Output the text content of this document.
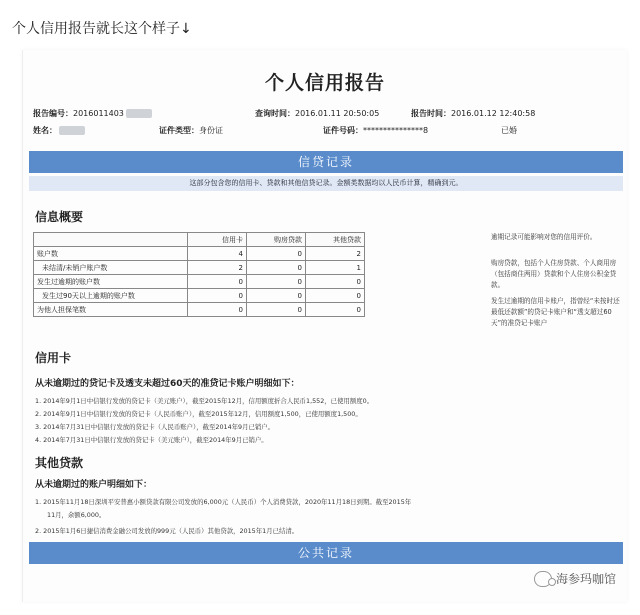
个人信用报告就长这个样子↓

个人信用报告
报告编号：2016011403	查询时间：2016.01.11 20:50:05	报告时间：2016.01.12 12:40:58
姓名：	证件类型：身份证	证件号码：***************8	已婚
信贷记录
这部分包含您的信用卡、贷款和其他信贷记录。金额类数据均以人民币计算，精确到元。
信息概要
	信用卡	购房贷款	其他贷款
账户数	4	0	2
未结清/未销户账户数	2	0	1
发生过逾期的账户数	0	0	0
发生过90天以上逾期的账户数	0	0	0
为他人担保笔数	0	0	0
逾期记录可能影响对您的信用评价。
购房贷款，包括个人住房贷款、个人商用房（包括商住两用）贷款和个人住房公积金贷款。
发生过逾期的信用卡账户，指曾经“未按时还最低还款额”的贷记卡账户和“透支超过60天”的准贷记卡账户
信用卡
从未逾期过的贷记卡及透支未超过60天的准贷记卡账户明细如下：
1. 2014年9月1日中信银行发放的贷记卡（美元账户），截至2015年12月，信用额度折合人民币1,552，已使用额度0。
2. 2014年9月1日中信银行发放的贷记卡（人民币账户），截至2015年12月，信用额度1,500，已使用额度1,500。
3. 2014年7月31日中信银行发放的贷记卡（人民币账户），截至2014年9月已销户。
4. 2014年7月31日中信银行发放的贷记卡（美元账户），截至2014年9月已销户。
其他贷款
从未逾期过的账户明细如下：
1. 2015年11月18日深圳平安普惠小额贷款有限公司发放的6,000元（人民币）个人消费贷款，2020年11月18日到期。截至2015年
11月，余额6,000。
2. 2015年1月6日捷信消费金融公司发放的999元（人民币）其他贷款，2015年1月已结清。
公共记录
海参玛咖馆
